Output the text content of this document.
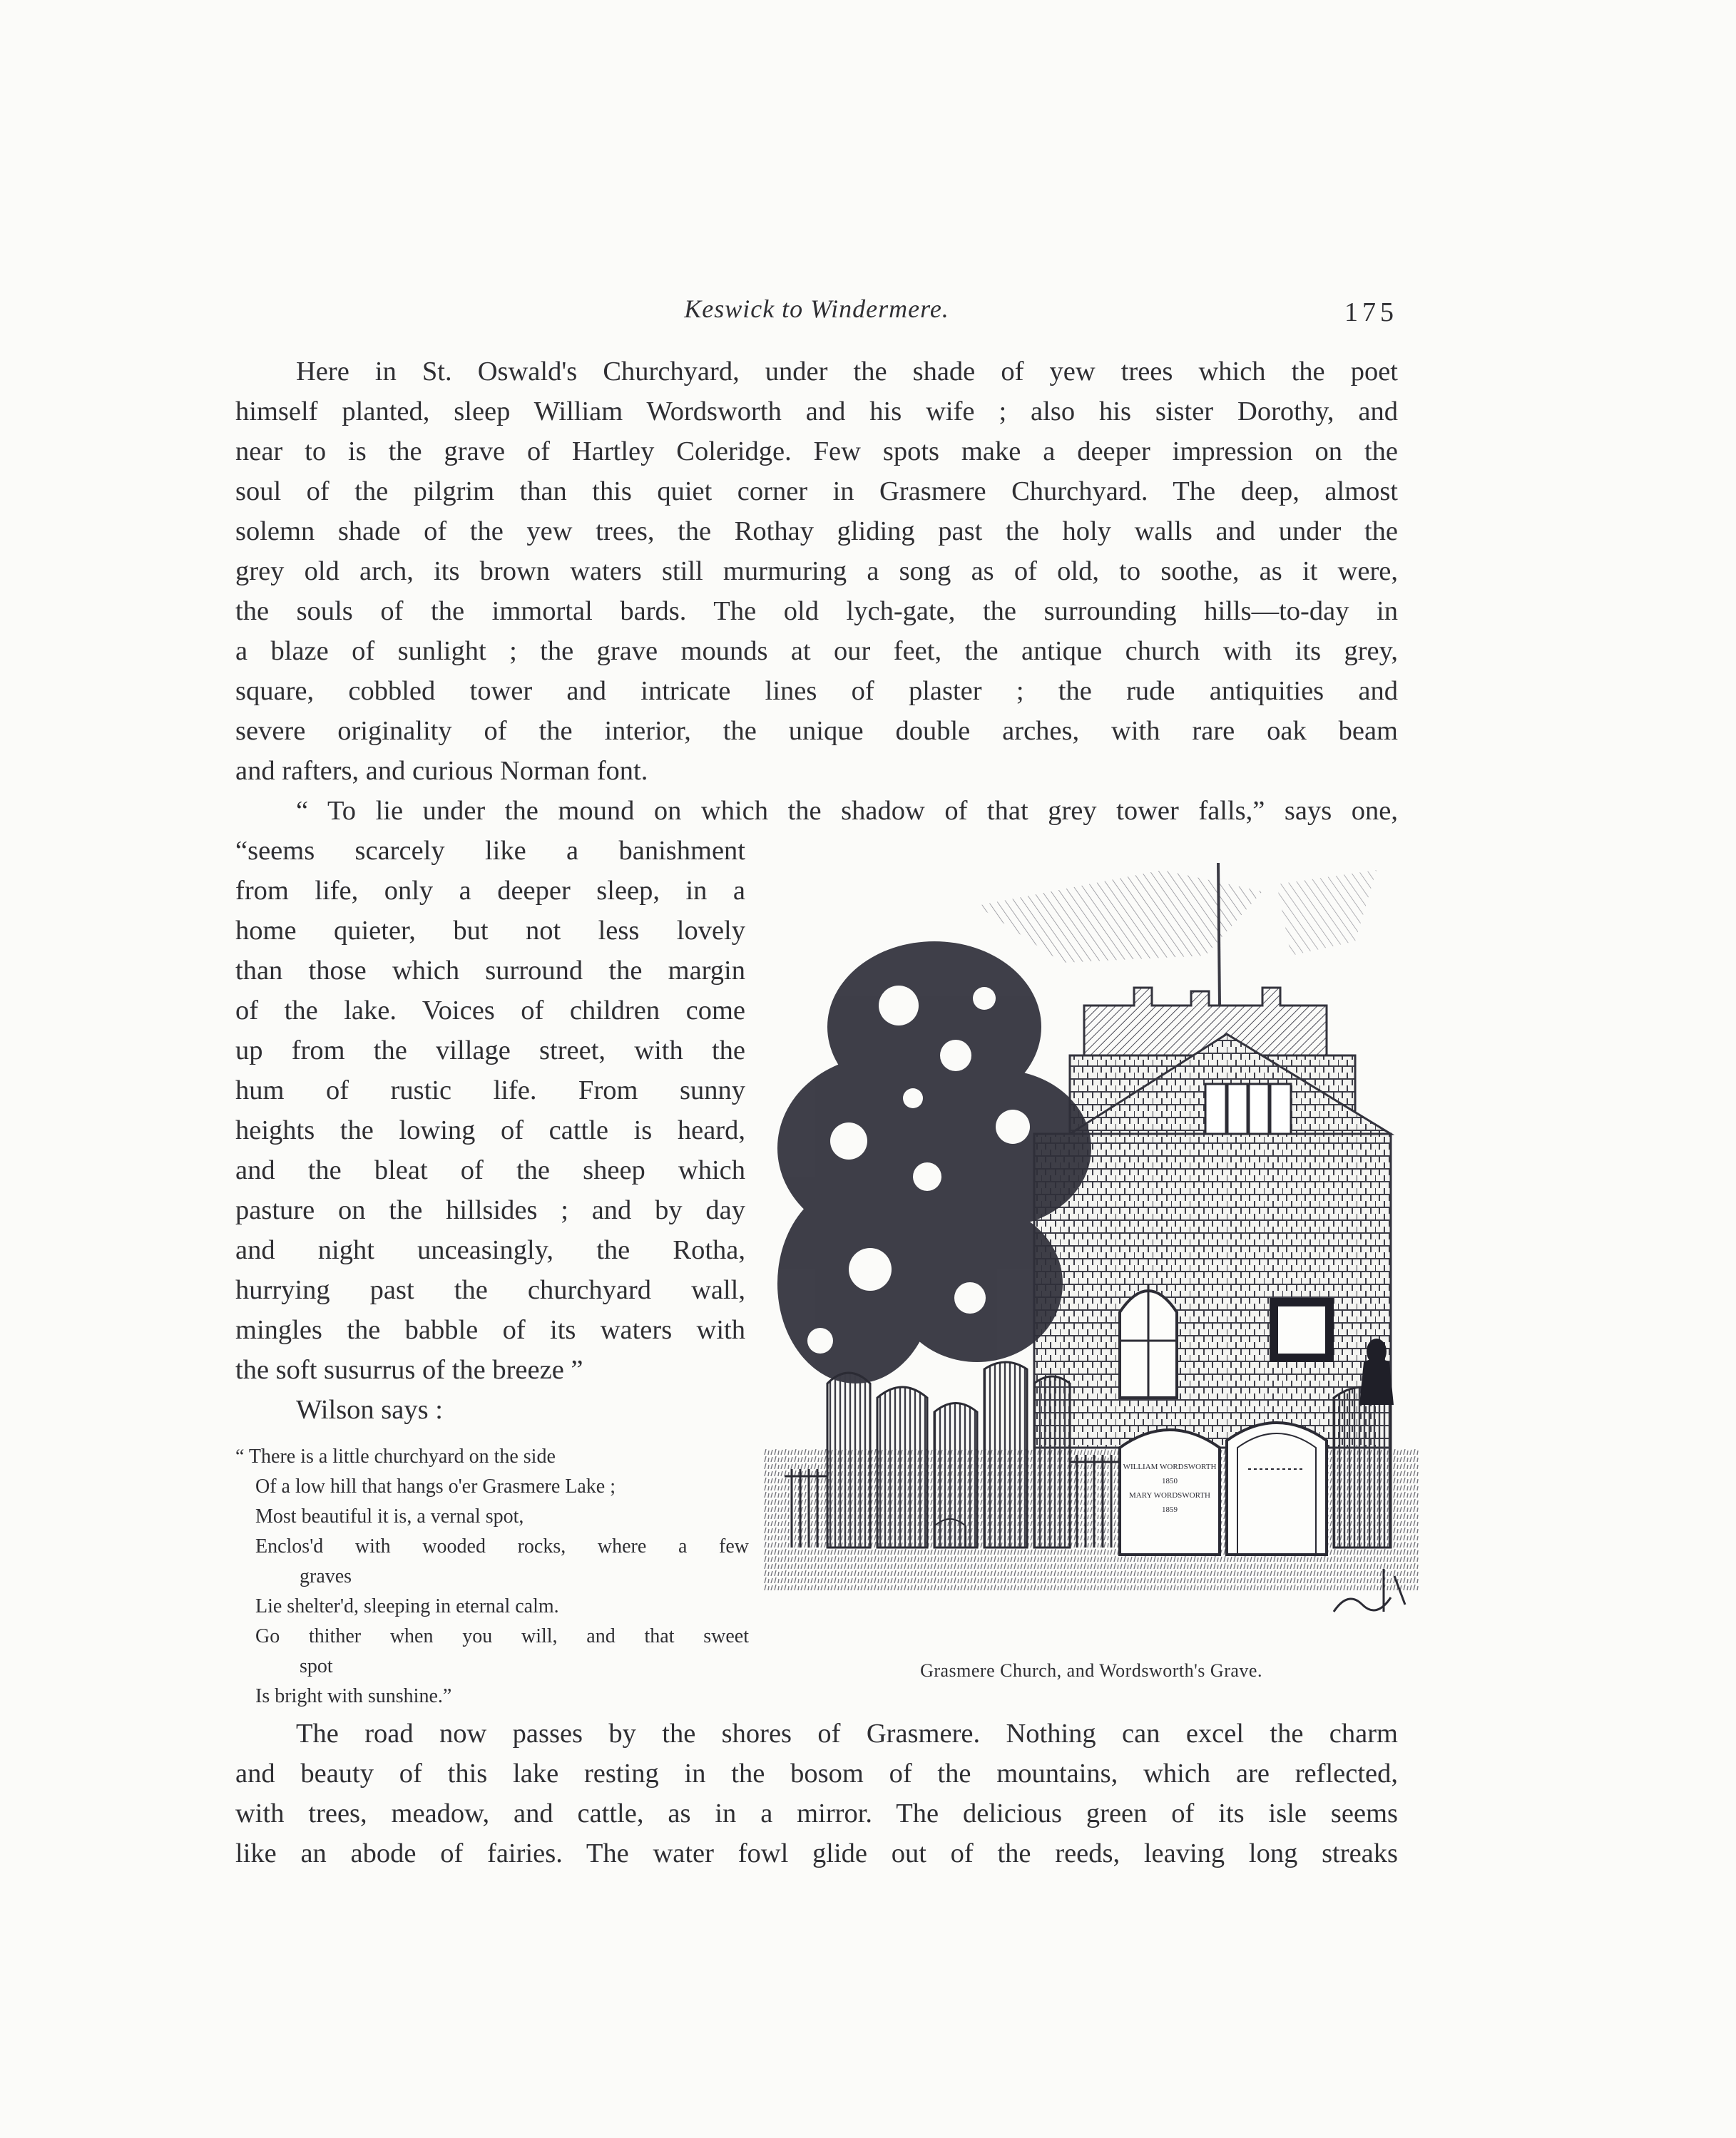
Keswick to Windermere.	175
Here in St. Oswald's Churchyard, under the shade of yew trees which the poet
himself planted, sleep William Wordsworth and his wife ; also his sister Dorothy, and
near to is the grave of Hartley Coleridge. Few spots make a deeper impression on the
soul of the pilgrim than this quiet corner in Grasmere Churchyard. The deep, almost
solemn shade of the yew trees, the Rothay gliding past the holy walls and under the
grey old arch, its brown waters still murmuring a song as of old, to soothe, as it were,
the souls of the immortal bards. The old lych-gate, the surrounding hills—to-day in
a blaze of sunlight ; the grave mounds at our feet, the antique church with its grey,
square, cobbled tower and intricate lines of plaster ; the rude antiquities and
severe originality of the interior, the unique double arches, with rare oak beam
and rafters, and curious Norman font.
“ To lie under the mound on which the shadow of that grey tower falls,” says one,
“seems scarcely like a banishment
from life, only a deeper sleep, in a
home quieter, but not less lovely
than those which surround the margin
of the lake. Voices of children come
up from the village street, with the
hum of rustic life. From sunny
heights the lowing of cattle is heard,
and the bleat of the sheep which
pasture on the hillsides ; and by day
and night unceasingly, the Rotha,
hurrying past the churchyard wall,
mingles the babble of its waters with
the soft susurrus of the breeze ”
Wilson says :
“ There is a little churchyard on the side
Of a low hill that hangs o'er Grasmere Lake ;
Most beautiful it is, a vernal spot,
Enclos'd with wooded rocks, where a few
graves
Lie shelter'd, sleeping in eternal calm.
Go thither when you will, and that sweet
spot
Is bright with sunshine.”
WILLIAM WORDSWORTH
1850
MARY WORDSWORTH
1859
Grasmere Church, and Wordsworth's Grave.
The road now passes by the shores of Grasmere. Nothing can excel the charm
and beauty of this lake resting in the bosom of the mountains, which are reflected,
with trees, meadow, and cattle, as in a mirror. The delicious green of its isle seems
like an abode of fairies. The water fowl glide out of the reeds, leaving long streaks
